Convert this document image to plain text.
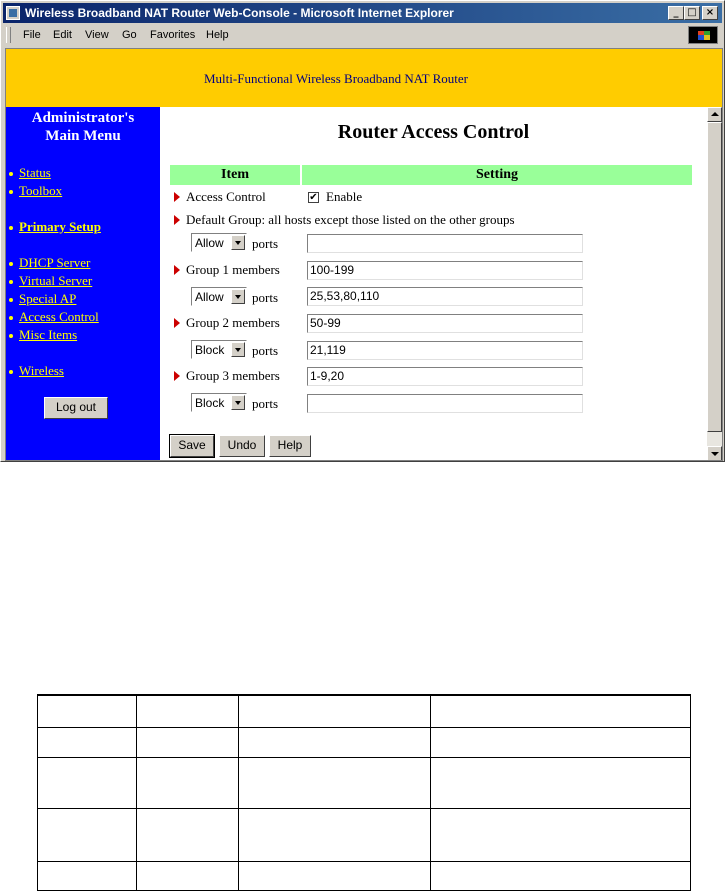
Wireless Broadband NAT Router Web-Console - Microsoft Internet Explorer	_ □ ×
File Edit View Go Favorites Help
Multi-Functional Wireless Broadband NAT Router
Administrator's
Main Menu
Status
Toolbox
Primary Setup
DHCP Server
Virtual Server
Special AP
Access Control
Misc Items
Wireless
Log out
Router Access Control
Item	Setting
Access Control	✔ Enable
Default Group: all hosts except those listed on the other groups
Allow ports
Group 1 members	100-199
Allow ports	25,53,80,110
Group 2 members	50-99
Block ports	21,119
Group 3 members	1-9,20
Block ports
Save	Undo	Help
